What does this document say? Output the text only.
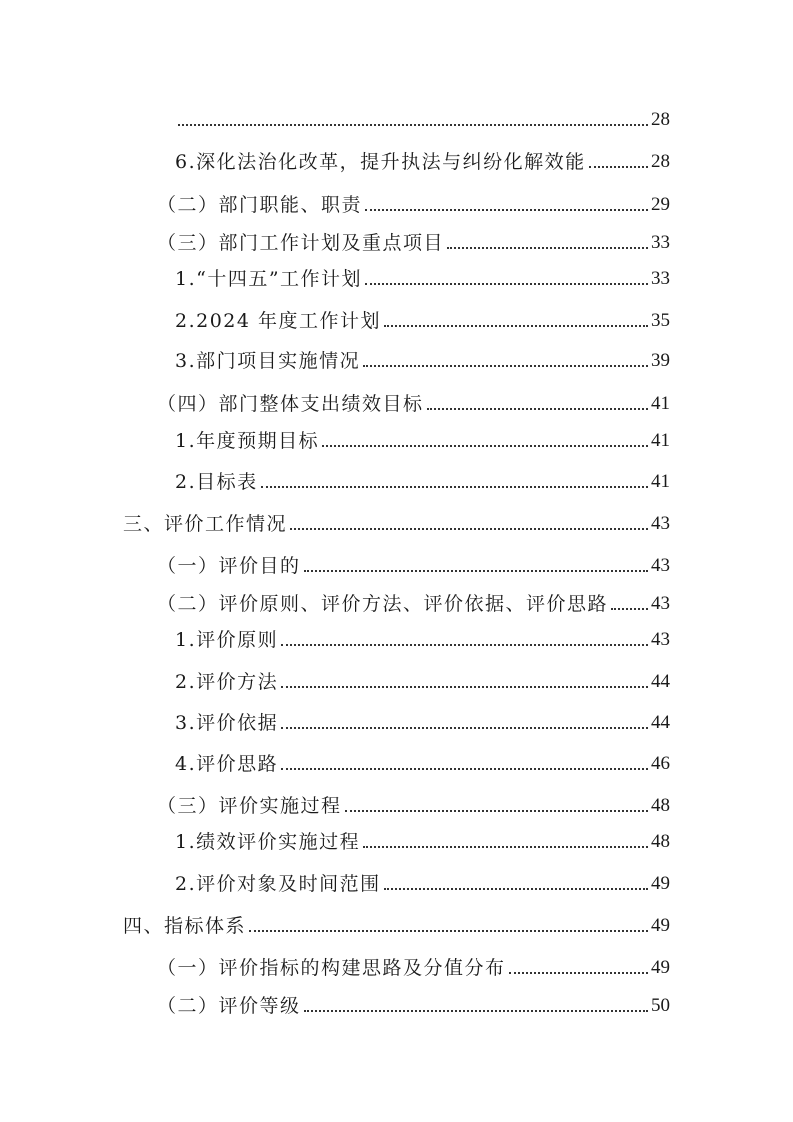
28
6.深化法治化改革，提升执法与纠纷化解效能	28
（二）部门职能、职责	29
（三）部门工作计划及重点项目	33
1.“十四五”工作计划	33
2.2024 年度工作计划	35
3.部门项目实施情况	39
（四）部门整体支出绩效目标	41
1.年度预期目标	41
2.目标表	41
三、评价工作情况	43
（一）评价目的	43
（二）评价原则、评价方法、评价依据、评价思路 43
1.评价原则	43
2.评价方法	44
3.评价依据	44
4.评价思路	46
（三）评价实施过程	48
1.绩效评价实施过程	48
2.评价对象及时间范围	49
四、指标体系	49
（一）评价指标的构建思路及分值分布	49
（二）评价等级	50
